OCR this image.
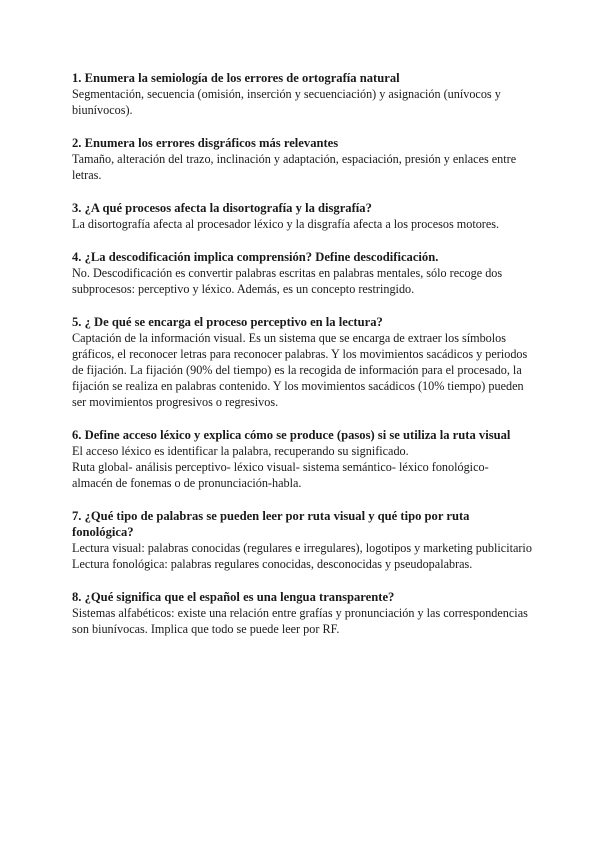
1. Enumera la semiología de los errores de ortografía natural

Segmentación, secuencia (omisión, inserción y secuenciación) y asignación (unívocos y biunívocos).

2. Enumera los errores disgráficos más relevantes

Tamaño, alteración del trazo, inclinación y adaptación, espaciación, presión y enlaces entre letras.

3. ¿A qué procesos afecta la disortografía y la disgrafía?

La disortografía afecta al procesador léxico y la disgrafía afecta a los procesos motores.

4. ¿La descodificación implica comprensión? Define descodificación.

No. Descodificación es convertir palabras escritas en palabras mentales, sólo recoge dos subprocesos: perceptivo y léxico. Además, es un concepto restringido.

5. ¿ De qué se encarga el proceso perceptivo en la lectura?

Captación de la información visual. Es un sistema que se encarga de extraer los símbolos gráficos, el reconocer letras para reconocer palabras. Y los movimientos sacádicos y periodos de fijación. La fijación (90% del tiempo) es la recogida de información para el procesado, la fijación se realiza en palabras contenido. Y los movimientos sacádicos (10% tiempo) pueden ser movimientos progresivos o regresivos.

6. Define acceso léxico y explica cómo se produce (pasos) si se utiliza la ruta visual

El acceso léxico es identificar la palabra, recuperando su significado.

Ruta global- análisis perceptivo- léxico visual- sistema semántico- léxico fonológico- almacén de fonemas o de pronunciación-habla.

7. ¿Qué tipo de palabras se pueden leer por ruta visual y qué tipo por ruta fonológica?

Lectura visual: palabras conocidas (regulares e irregulares), logotipos y marketing publicitario

Lectura fonológica: palabras regulares conocidas, desconocidas y pseudopalabras.

8. ¿Qué significa que el español es una lengua transparente?

Sistemas alfabéticos: existe una relación entre grafías y pronunciación y las correspondencias son biunívocas. Implica que todo se puede leer por RF.
